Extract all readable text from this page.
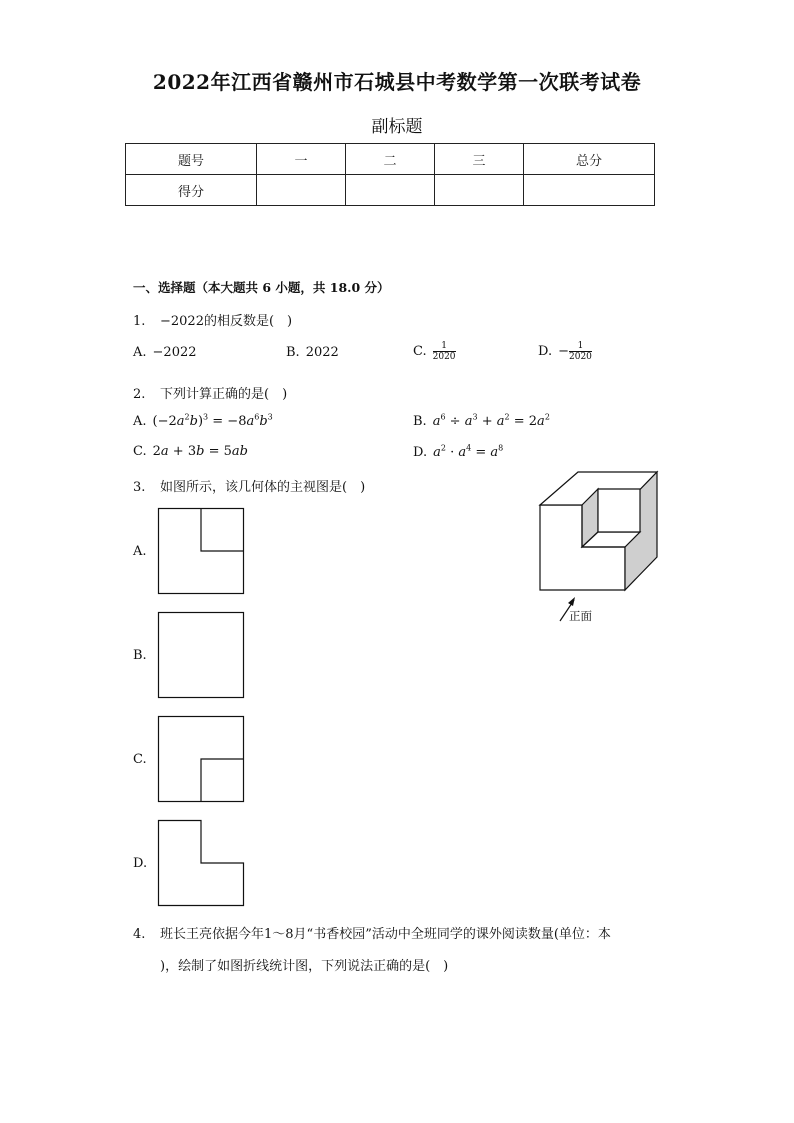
2022年江西省赣州市石城县中考数学第一次联考试卷
副标题
题号	一	二	三	总分
得分				
一、选择题（本大题共 6 小题，共 18.0 分）
1. −2022的相反数是(　)
A. −2022	B. 2022	C. $\frac{1}{2020}$	D. − $\frac{1}{2020}$
2. 下列计算正确的是(　)
A. $(-2a^2b)^3 = -8a^6b^3$	B. $a^6 \div a^3 + a^2 = 2a^2$
C. 2a + 3b = 5ab	D. $a^2 \cdot a^4 = a^8$
3. 如图所示，该几何体的主视图是(　)
正面
A.
B.
C.
D.
4. 班长王亮依据今年1～8月“书香校园”活动中全班同学的课外阅读数量(单位：本
)，绘制了如图折线统计图，下列说法正确的是(　)
